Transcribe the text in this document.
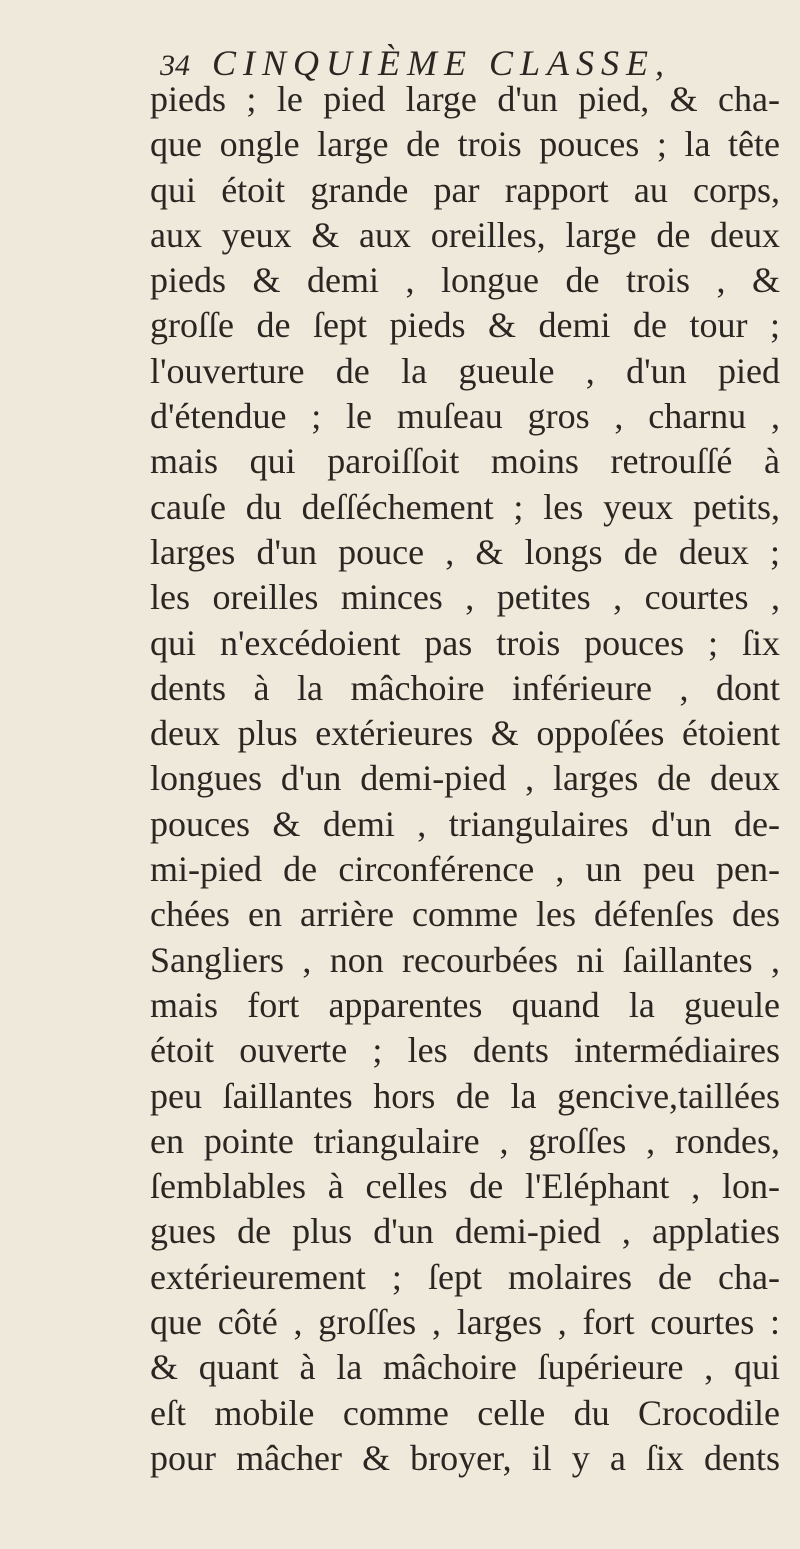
34 CINQUIÈME CLASSE,
pieds ; le pied large d'un pied, & cha-
que ongle large de trois pouces ; la tête
qui étoit grande par rapport au corps,
aux yeux & aux oreilles, large de deux
pieds & demi , longue de trois , &
groſſe de ſept pieds & demi de tour ;
l'ouverture de la gueule , d'un pied
d'étendue ; le muſeau gros , charnu ,
mais qui paroiſſoit moins retrouſſé à
cauſe du deſſéchement ; les yeux petits,
larges d'un pouce , & longs de deux ;
les oreilles minces , petites , courtes ,
qui n'excédoient pas trois pouces ; ſix
dents à la mâchoire inférieure , dont
deux plus extérieures & oppoſées étoient
longues d'un demi-pied , larges de deux
pouces & demi , triangulaires d'un de-
mi-pied de circonférence , un peu pen-
chées en arrière comme les défenſes des
Sangliers , non recourbées ni ſaillantes ,
mais fort apparentes quand la gueule
étoit ouverte ; les dents intermédiaires
peu ſaillantes hors de la gencive,taillées
en pointe triangulaire , groſſes , rondes,
ſemblables à celles de l'Eléphant , lon-
gues de plus d'un demi-pied , applaties
extérieurement ; ſept molaires de cha-
que côté , groſſes , larges , fort courtes :
& quant à la mâchoire ſupérieure , qui
eſt mobile comme celle du Crocodile
pour mâcher & broyer, il y a ſix dents
